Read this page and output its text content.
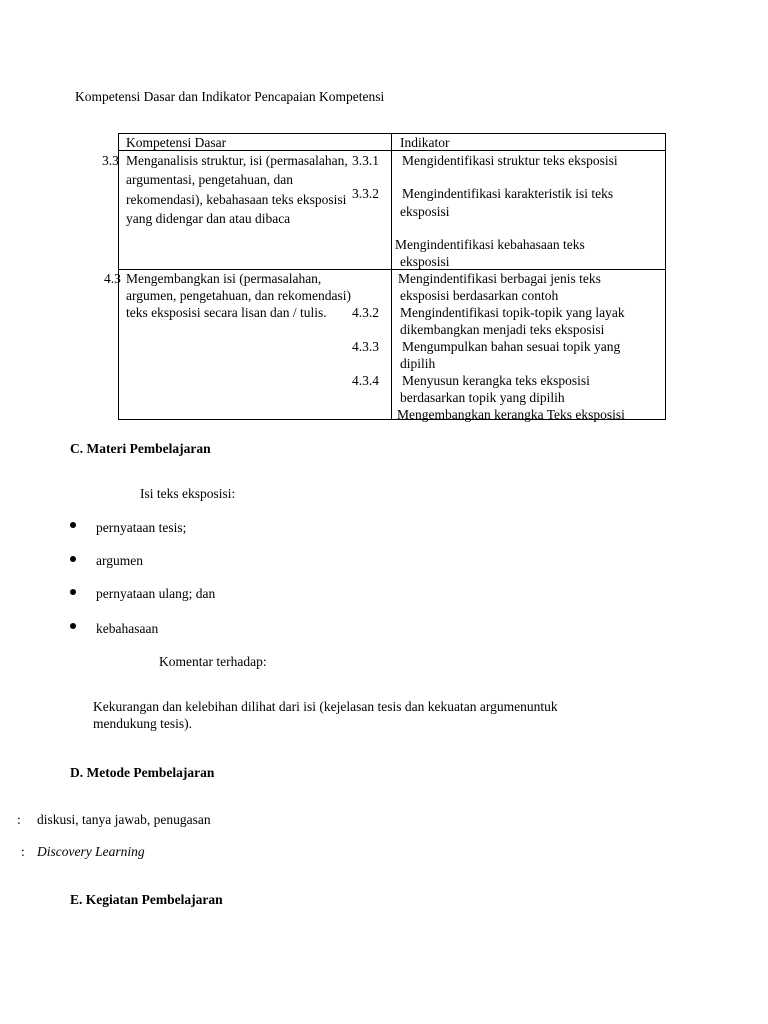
Kompetensi Dasar dan Indikator Pencapaian Kompetensi
Kompetensi Dasar	Indikator
3.3 Menganalisis struktur, isi (permasalahan,
argumentasi, pengetahuan, dan
rekomendasi), kebahasaan teks eksposisi
yang didengar dan atau dibaca
3.3.1 Mengidentifikasi struktur teks eksposisi
3.3.2 Mengindentifikasi karakteristik isi teks
eksposisi
Mengindentifikasi kebahasaan teks
eksposisi
4.3 Mengembangkan isi (permasalahan,
argumen, pengetahuan, dan rekomendasi)
teks eksposisi secara lisan dan / tulis.
Mengindentifikasi berbagai jenis teks
eksposisi berdasarkan contoh
4.3.2 Mengindentifikasi topik-topik yang layak
dikembangkan menjadi teks eksposisi
4.3.3 Mengumpulkan bahan sesuai topik yang
dipilih
4.3.4 Menyusun kerangka teks eksposisi
berdasarkan topik yang dipilih
Mengembangkan kerangka Teks eksposisi
C. Materi Pembelajaran
Isi teks eksposisi:
pernyataan tesis;
argumen
pernyataan ulang; dan
kebahasaan
Komentar terhadap:
Kekurangan dan kelebihan dilihat dari isi (kejelasan tesis dan kekuatan argumenuntuk
mendukung tesis).
D. Metode Pembelajaran
: diskusi, tanya jawab, penugasan
: Discovery Learning
E. Kegiatan Pembelajaran
